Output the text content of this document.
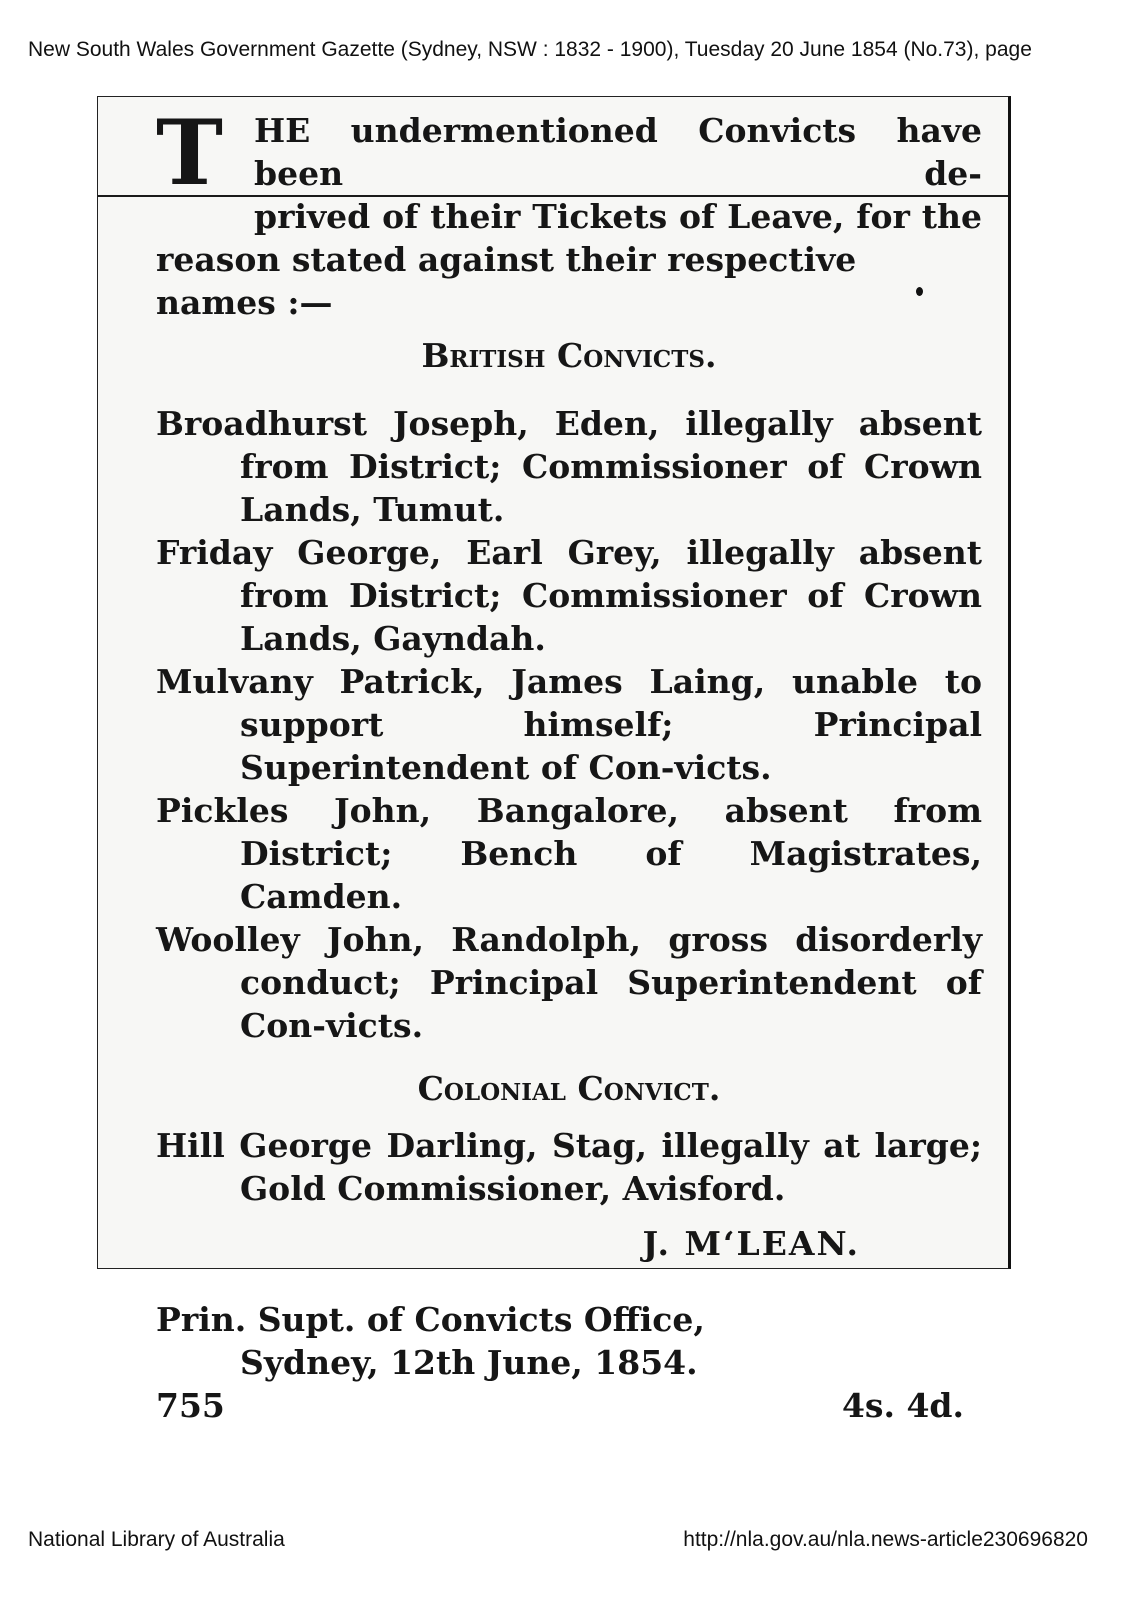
New South Wales Government Gazette (Sydney, NSW : 1832 - 1900), Tuesday 20 June 1854 (No.73), page
T HE undermentioned Convicts have been de-
prived of their Tickets of Leave, for the
reason stated against their respective names :—

British Convicts.

Broadhurst Joseph, Eden, illegally absent from District; Commissioner of Crown Lands, Tumut.

Friday George, Earl Grey, illegally absent from District; Commissioner of Crown Lands, Gayndah.

Mulvany Patrick, James Laing, unable to support himself; Principal Superintendent of Con-victs.

Pickles John, Bangalore, absent from District; Bench of Magistrates, Camden.

Woolley John, Randolph, gross disorderly conduct; Principal Superintendent of Con-victs.

Colonial Convict.

Hill George Darling, Stag, illegally at large; Gold Commissioner, Avisford.

J. M‘LEAN.

Prin. Supt. of Convicts Office,
Sydney, 12th June, 1854.
755	4s. 4d.
National Library of Australia	http://nla.gov.au/nla.news-article230696820
